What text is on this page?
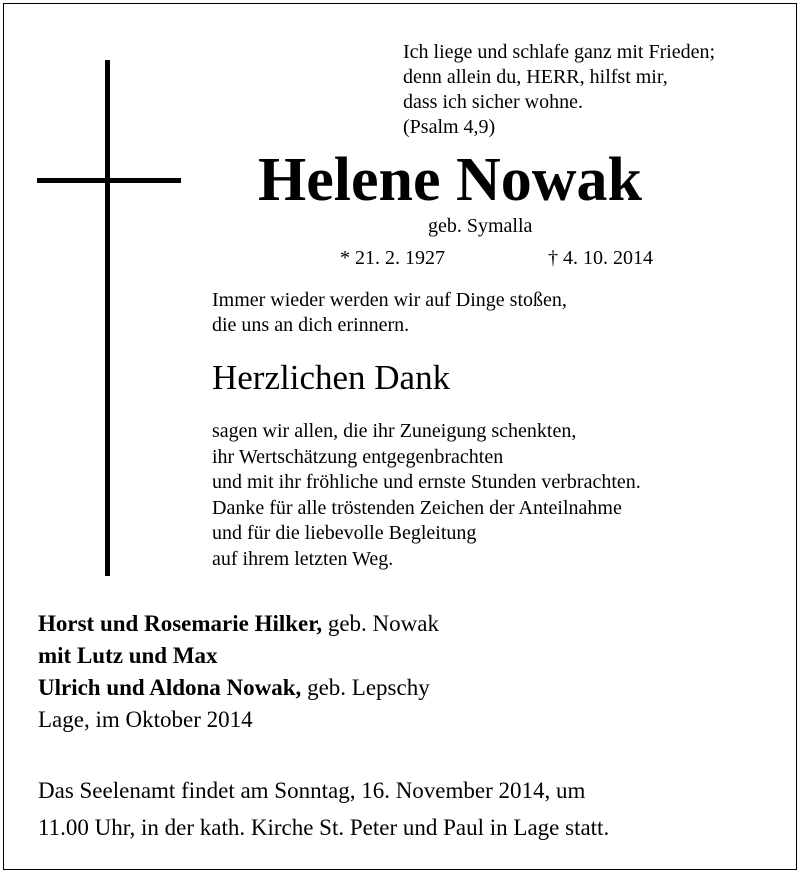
Ich liege und schlafe ganz mit Frieden;
denn allein du, HERR, hilfst mir,
dass ich sicher wohne.
(Psalm 4,9)
Helene Nowak
geb. Symalla
* 21. 2. 1927	† 4. 10. 2014
Immer wieder werden wir auf Dinge stoßen,
die uns an dich erinnern.
Herzlichen Dank
sagen wir allen, die ihr Zuneigung schenkten,
ihr Wertschätzung entgegenbrachten
und mit ihr fröhliche und ernste Stunden verbrachten.
Danke für alle tröstenden Zeichen der Anteilnahme
und für die liebevolle Begleitung
auf ihrem letzten Weg.
Horst und Rosemarie Hilker, geb. Nowak
mit Lutz und Max
Ulrich und Aldona Nowak, geb. Lepschy
Lage, im Oktober 2014
Das Seelenamt findet am Sonntag, 16. November 2014, um
11.00 Uhr, in der kath. Kirche St. Peter und Paul in Lage statt.
